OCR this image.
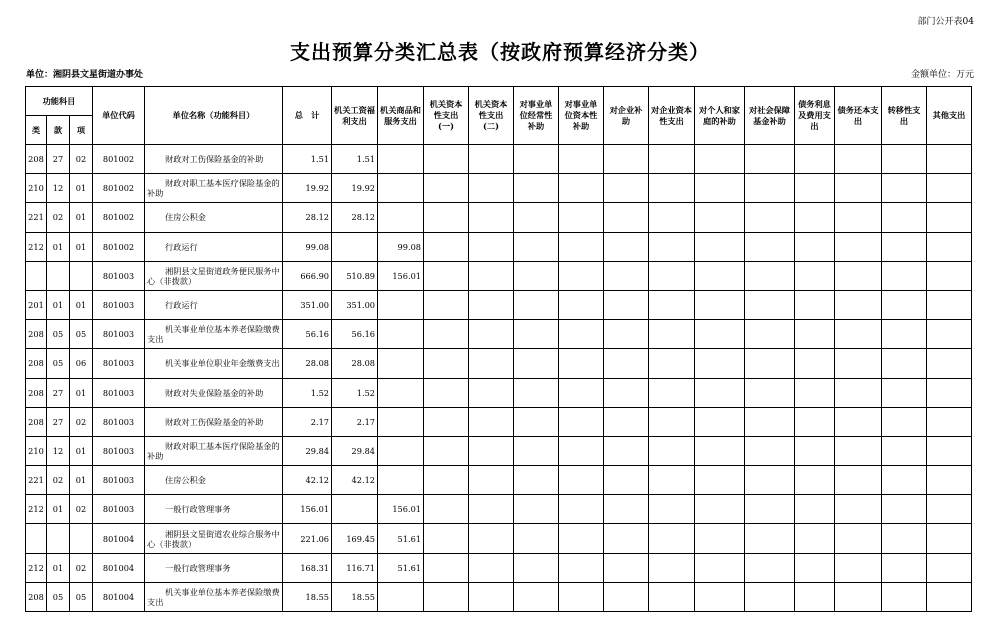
部门公开表04
支出预算分类汇总表（按政府预算经济分类）
单位：湘阴县文星街道办事处	金额单位：万元
功能科目			单位代码	单位名称（功能科目）	总　计	机关工资福利支出	机关商品和服务支出	机关资本性支出(一)	机关资本性支出(二)	对事业单位经常性补助	对事业单位资本性补助	对企业补助	对企业资本性支出	对个人和家庭的补助	对社会保障基金补助	债务利息及费用支出	债务还本支出	转移性支出	其他支出
类	款	项																	
208	27	02	801002	财政对工伤保险基金的补助	1.51	1.51													
210	12	01	801002	财政对职工基本医疗保险基金的补助	19.92	19.92													
221	02	01	801002	住房公积金	28.12	28.12													
212	01	01	801002	行政运行	99.08		99.08												
			801003	湘阴县文星街道政务便民服务中心（非拨款）	666.90	510.89	156.01												
201	01	01	801003	行政运行	351.00	351.00													
208	05	05	801003	机关事业单位基本养老保险缴费支出	56.16	56.16													
208	05	06	801003	机关事业单位职业年金缴费支出	28.08	28.08													
208	27	01	801003	财政对失业保险基金的补助	1.52	1.52													
208	27	02	801003	财政对工伤保险基金的补助	2.17	2.17													
210	12	01	801003	财政对职工基本医疗保险基金的补助	29.84	29.84													
221	02	01	801003	住房公积金	42.12	42.12													
212	01	02	801003	一般行政管理事务	156.01		156.01												
			801004	湘阴县文星街道农业综合服务中心（非拨款）	221.06	169.45	51.61												
212	01	02	801004	一般行政管理事务	168.31	116.71	51.61												
208	05	05	801004	机关事业单位基本养老保险缴费支出	18.55	18.55													
